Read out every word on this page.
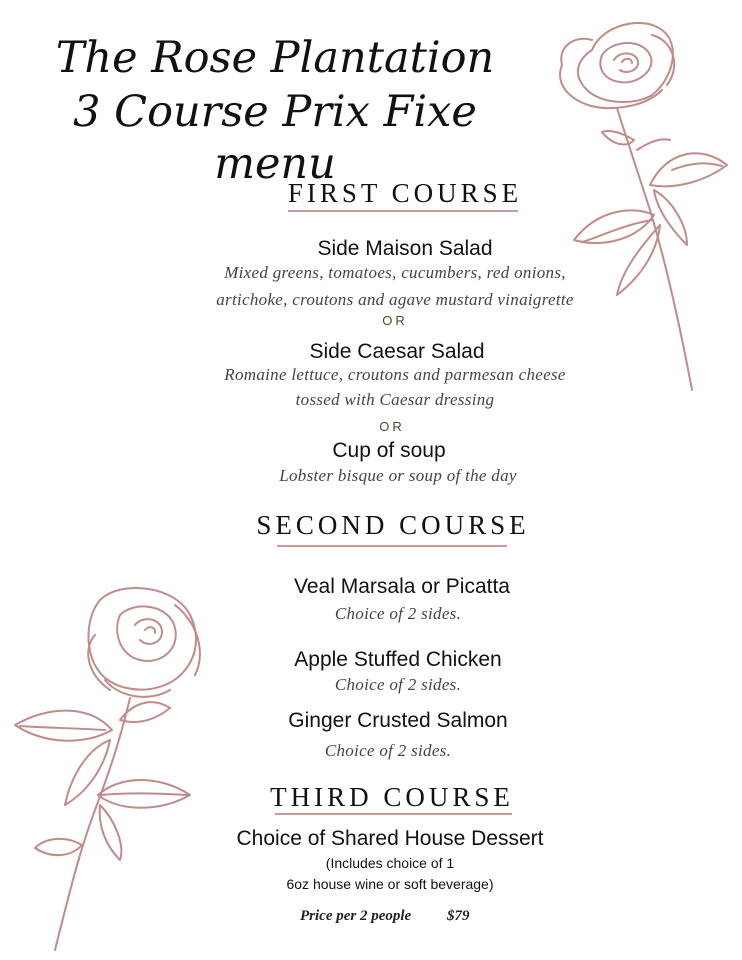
The Rose Plantation
3 Course Prix Fixe menu
FIRST COURSE
Side Maison Salad
Mixed greens, tomatoes, cucumbers, red onions,
artichoke, croutons and agave mustard vinaigrette
OR
Side Caesar Salad
Romaine lettuce, croutons and parmesan cheese
tossed with Caesar dressing
OR
Cup of soup
Lobster bisque or soup of the day
SECOND COURSE
Veal Marsala or Picatta
Choice of 2 sides.
Apple Stuffed Chicken
Choice of 2 sides.
Ginger Crusted Salmon
Choice of 2 sides.
THIRD COURSE
Choice of Shared House Dessert
(Includes choice of 1
6oz house wine or soft beverage)
Price per 2 people $79
